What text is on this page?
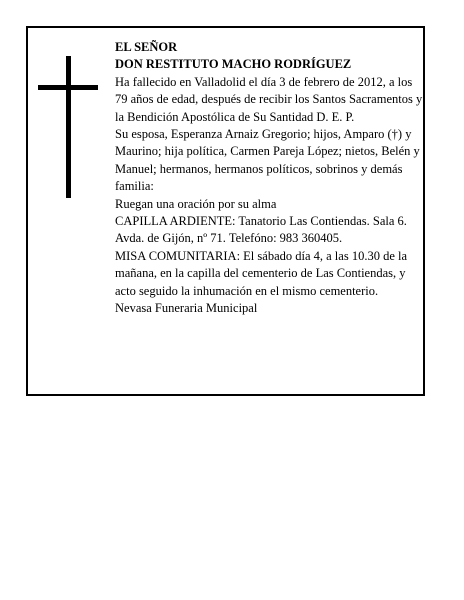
EL SEÑOR

DON RESTITUTO MACHO RODRÍGUEZ

Ha fallecido en Valladolid el día 3 de febrero de 2012, a los 79 años de edad, después de recibir los Santos Sacramentos y la Bendición Apostólica de Su Santidad D. E. P.

Su esposa, Esperanza Arnaiz Gregorio; hijos, Amparo (†) y Maurino; hija política, Carmen Pareja López; nietos, Belén y Manuel; hermanos, hermanos políticos, sobrinos y demás familia:

Ruegan una oración por su alma

CAPILLA ARDIENTE: Tanatorio Las Contiendas. Sala 6. Avda. de Gijón, nº 71. Telefóno: 983 360405.

MISA COMUNITARIA: El sábado día 4, a las 10.30 de la mañana, en la capilla del cementerio de Las Contiendas, y acto seguido la inhumación en el mismo cementerio.

Nevasa Funeraria Municipal
